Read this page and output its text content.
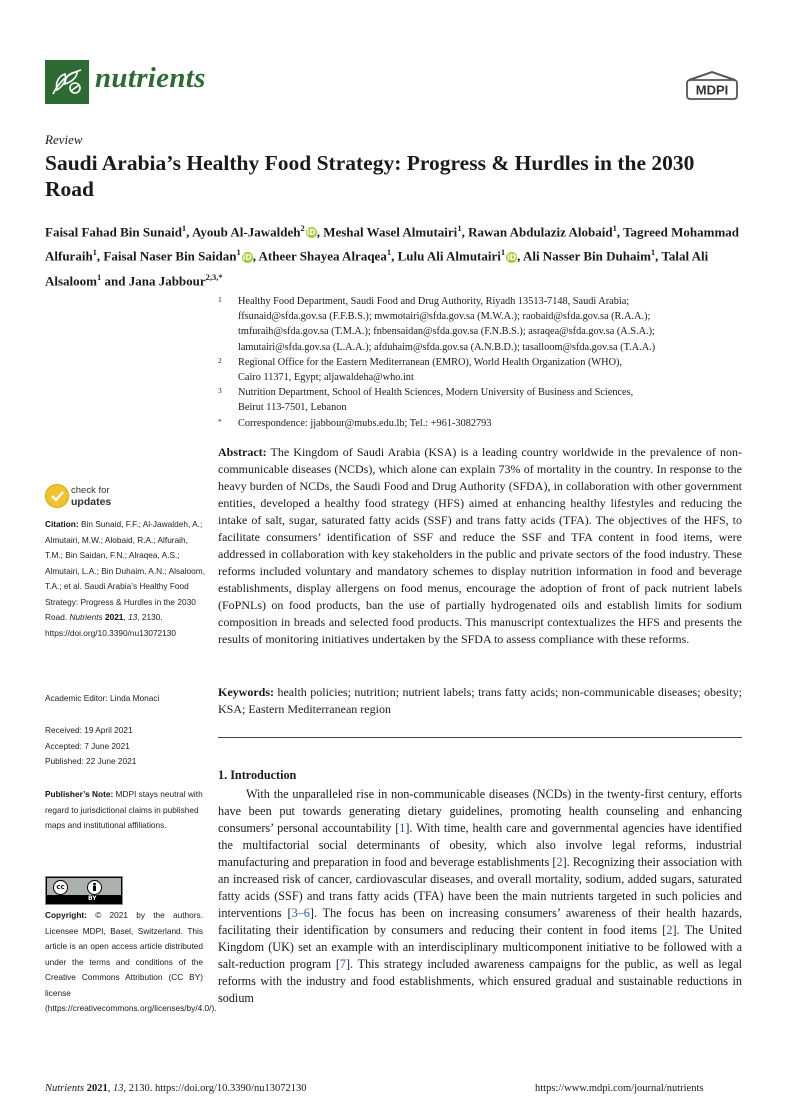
nutrients	MDPI
Review
Saudi Arabia’s Healthy Food Strategy: Progress & Hurdles in the 2030 Road
Faisal Fahad Bin Sunaid$^1$, Ayoub Al-Jawaldeh$^2$ iD, Meshal Wasel Almutairi$^1$, Rawan Abdulaziz Alobaid$^1$, Tagreed Mohammad Alfuraih$^1$, Faisal Naser Bin Saidan$^1$ iD, Atheer Shayea Alraqea$^1$, Lulu Ali Almutairi$^1$ iD, Ali Nasser Bin Duhaim$^1$, Talal Ali Alsaloom$^1$ and Jana Jabbour$^{2,3,*}$
1 Healthy Food Department, Saudi Food and Drug Authority, Riyadh 13513-7148, Saudi Arabia;
ffsunaid@sfda.gov.sa (F.F.B.S.); mwmotairi@sfda.gov.sa (M.W.A.); raobaid@sfda.gov.sa (R.A.A.);
tmfuraih@sfda.gov.sa (T.M.A.); fnbensaidan@sfda.gov.sa (F.N.B.S.); asraqea@sfda.gov.sa (A.S.A.);
lamutairi@sfda.gov.sa (L.A.A.); afduhaim@sfda.gov.sa (A.N.B.D.); tasalloom@sfda.gov.sa (T.A.A.)
2 Regional Office for the Eastern Mediterranean (EMRO), World Health Organization (WHO),
Cairo 11371, Egypt; aljawaldeha@who.int
3 Nutrition Department, School of Health Sciences, Modern University of Business and Sciences,
Beirut 113-7501, Lebanon
* Correspondence: jjabbour@mubs.edu.lb; Tel.: +961-3082793
Abstract: The Kingdom of Saudi Arabia (KSA) is a leading country worldwide in the prevalence of non-communicable diseases (NCDs), which alone can explain 73% of mortality in the country. In response to the heavy burden of NCDs, the Saudi Food and Drug Authority (SFDA), in collaboration with other government entities, developed a healthy food strategy (HFS) aimed at enhancing healthy lifestyles and reducing the intake of salt, sugar, saturated fatty acids (SSF) and trans fatty acids (TFA). The objectives of the HFS, to facilitate consumers’ identification of SSF and reduce the SSF and TFA content in food items, were addressed in collaboration with key stakeholders in the public and private sectors of the food industry. These reforms included voluntary and mandatory schemes to display nutrition information in food and beverage establishments, display allergens on food menus, encourage the adoption of front of pack nutrient labels (FoPNLs) on food products, ban the use of partially hydrogenated oils and establish limits for sodium composition in breads and selected food products. This manuscript contextualizes the HFS and presents the results of monitoring initiatives undertaken by the SFDA to assess compliance with these reforms.
Keywords: health policies; nutrition; nutrient labels; trans fatty acids; non-communicable diseases; obesity; KSA; Eastern Mediterranean region
1. Introduction
With the unparalleled rise in non-communicable diseases (NCDs) in the twenty-first century, efforts have been put towards generating dietary guidelines, promoting health counseling and enhancing consumers’ personal accountability [1]. With time, health care and governmental agencies have identified the multifactorial social determinants of obesity, which also involve legal reforms, industrial manufacturing and preparation in food and beverage establishments [2]. Recognizing their association with an increased risk of cancer, cardiovascular diseases, and overall mortality, sodium, added sugars, saturated fatty acids (SSF) and trans fatty acids (TFA) have been the main nutrients targeted in such policies and interventions [3–6]. The focus has been on increasing consumers’ awareness of their health hazards, facilitating their identification by consumers and reducing their content in food items [2]. The United Kingdom (UK) set an example with an interdisciplinary multicomponent initiative to be followed with a salt-reduction program [7]. This strategy included awareness campaigns for the public, as well as legal reforms with the industry and food establishments, which ensured gradual and sustainable reductions in sodium
check for
updates
Citation: Bin Sunaid, F.F.; Al-Jawaldeh, A.; Almutairi, M.W.; Alobaid, R.A.; Alfuraih, T.M.; Bin Saidan, F.N.; Alraqea, A.S.; Almutairi, L.A.; Bin Duhaim, A.N.; Alsaloom, T.A.; et al. Saudi Arabia’s Healthy Food Strategy: Progress & Hurdles in the 2030 Road. Nutrients 2021, 13, 2130. https://doi.org/10.3390/nu13072130
Academic Editor: Linda Monaci
Received: 19 April 2021
Accepted: 7 June 2021
Published: 22 June 2021
Publisher’s Note: MDPI stays neutral with regard to jurisdictional claims in published maps and institutional affiliations.
cc
BY
Copyright: © 2021 by the authors. Licensee MDPI, Basel, Switzerland. This article is an open access article distributed under the terms and conditions of the Creative Commons Attribution (CC BY) license (https://creativecommons.org/licenses/by/4.0/).
Nutrients 2021, 13, 2130. https://doi.org/10.3390/nu13072130	https://www.mdpi.com/journal/nutrients
